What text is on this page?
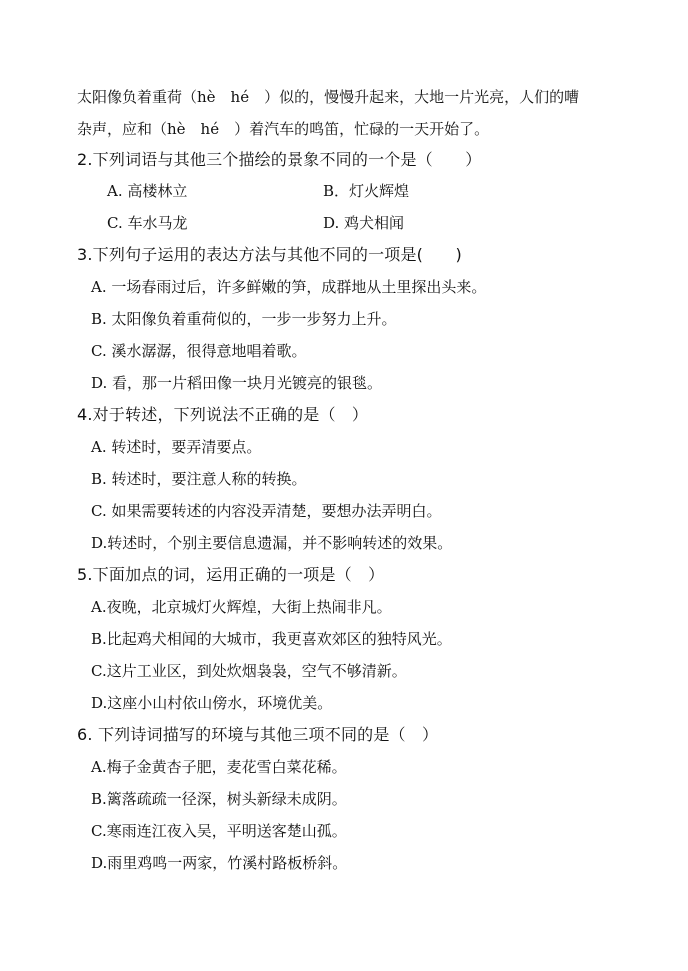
太阳像负着重荷（hè　hé　）似的，慢慢升起来，大地一片光亮，人们的嘈
杂声，应和（hè　hé　）着汽车的鸣笛，忙碌的一天开始了。
2.下列词语与其他三个描绘的景象不同的一个是（　　）
A. 高楼林立	B．灯火辉煌
C. 车水马龙	D. 鸡犬相闻
3.下列句子运用的表达方法与其他不同的一项是(　　)
A. 一场春雨过后，许多鲜嫩的笋，成群地从土里探出头来。
B. 太阳像负着重荷似的，一步一步努力上升。
C. 溪水潺潺，很得意地唱着歌。
D. 看，那一片稻田像一块月光镀亮的银毯。
4.对于转述，下列说法不正确的是（　）
A. 转述时，要弄清要点。
B. 转述时，要注意人称的转换。
C. 如果需要转述的内容没弄清楚，要想办法弄明白。
D.转述时，个别主要信息遗漏，并不影响转述的效果。
5.下面加点的词，运用正确的一项是（　）
A.夜晚，北京城灯火辉煌，大街上热闹非凡。
B.比起鸡犬相闻的大城市，我更喜欢郊区的独特风光。
C.这片工业区，到处炊烟袅袅，空气不够清新。
D.这座小山村依山傍水，环境优美。
6. 下列诗词描写的环境与其他三项不同的是（　）
A.梅子金黄杏子肥，麦花雪白菜花稀。
B.篱落疏疏一径深，树头新绿未成阴。
C.寒雨连江夜入吴，平明送客楚山孤。
D.雨里鸡鸣一两家，竹溪村路板桥斜。
